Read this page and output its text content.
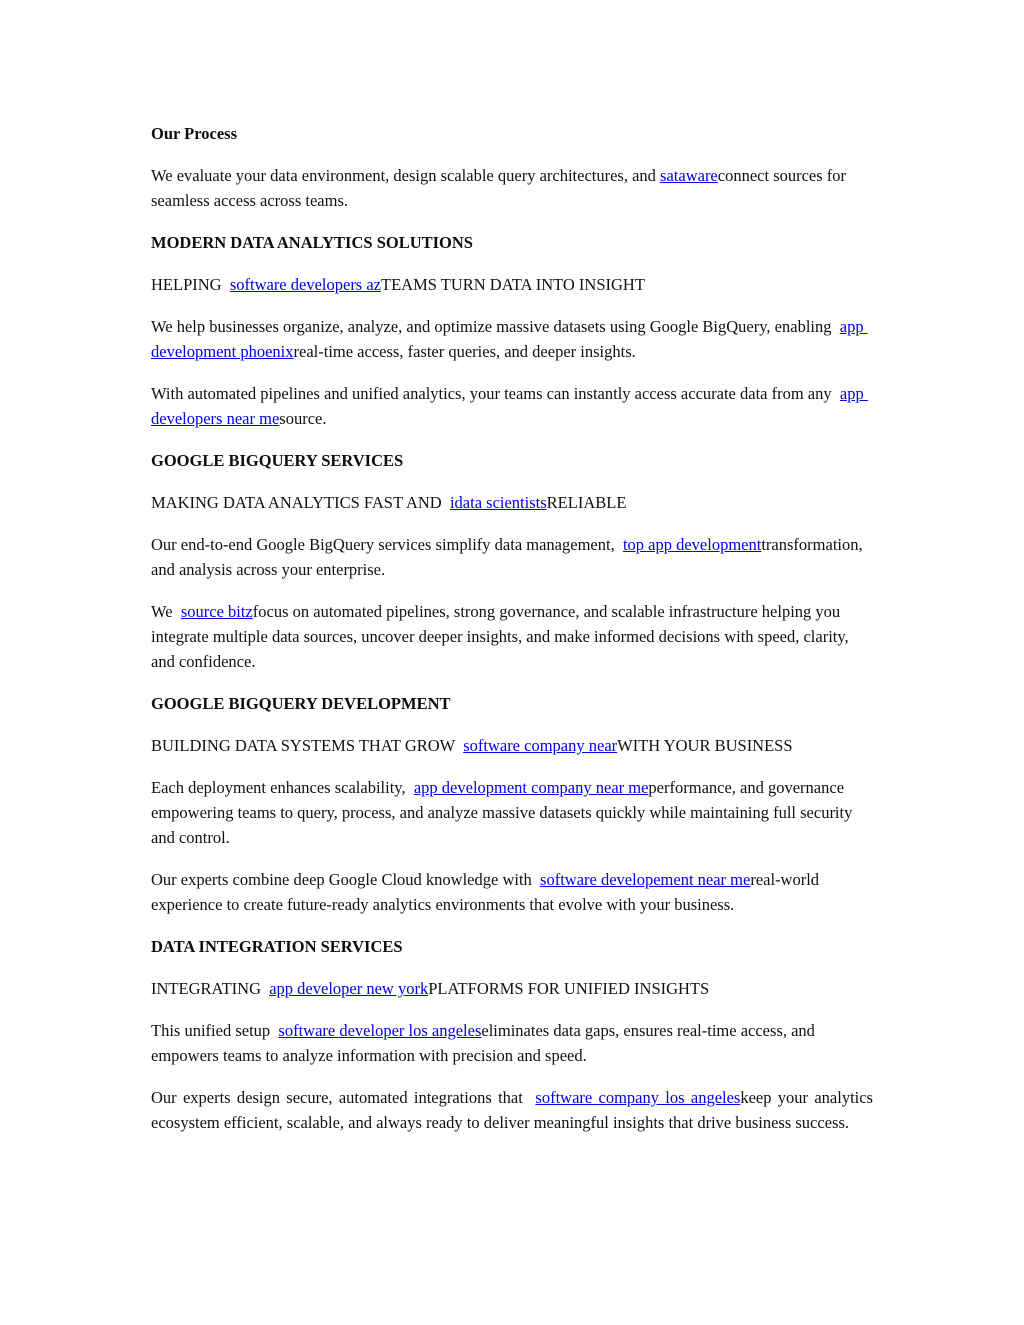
Our Process

We evaluate your data environment, design scalable query architectures, and satawareconnect sources for seamless access across teams.

MODERN DATA ANALYTICS SOLUTIONS

HELPING  software developers azTEAMS TURN DATA INTO INSIGHT

We help businesses organize, analyze, and optimize massive datasets using Google BigQuery, enabling  app development phoenixreal-time access, faster queries, and deeper insights.

With automated pipelines and unified analytics, your teams can instantly access accurate data from any  app developers near mesource.

GOOGLE BIGQUERY SERVICES

MAKING DATA ANALYTICS FAST AND  idata scientistsRELIABLE

Our end-to-end Google BigQuery services simplify data management,  top app developmenttransformation, and analysis across your enterprise.

We  source bitzfocus on automated pipelines, strong governance, and scalable infrastructure helping you integrate multiple data sources, uncover deeper insights, and make informed decisions with speed, clarity, and confidence.

GOOGLE BIGQUERY DEVELOPMENT

BUILDING DATA SYSTEMS THAT GROW  software company nearWITH YOUR BUSINESS

Each deployment enhances scalability,  app development company near meperformance, and governance empowering teams to query, process, and analyze massive datasets quickly while maintaining full security and control.

Our experts combine deep Google Cloud knowledge with  software developement near mereal-world experience to create future-ready analytics environments that evolve with your business.

DATA INTEGRATION SERVICES

INTEGRATING  app developer new yorkPLATFORMS FOR UNIFIED INSIGHTS

This unified setup  software developer los angeleseliminates data gaps, ensures real-time access, and empowers teams to analyze information with precision and speed.

Our experts design secure, automated integrations that  software company los angeleskeep your analytics ecosystem efficient, scalable, and always ready to deliver meaningful insights that drive business success.
